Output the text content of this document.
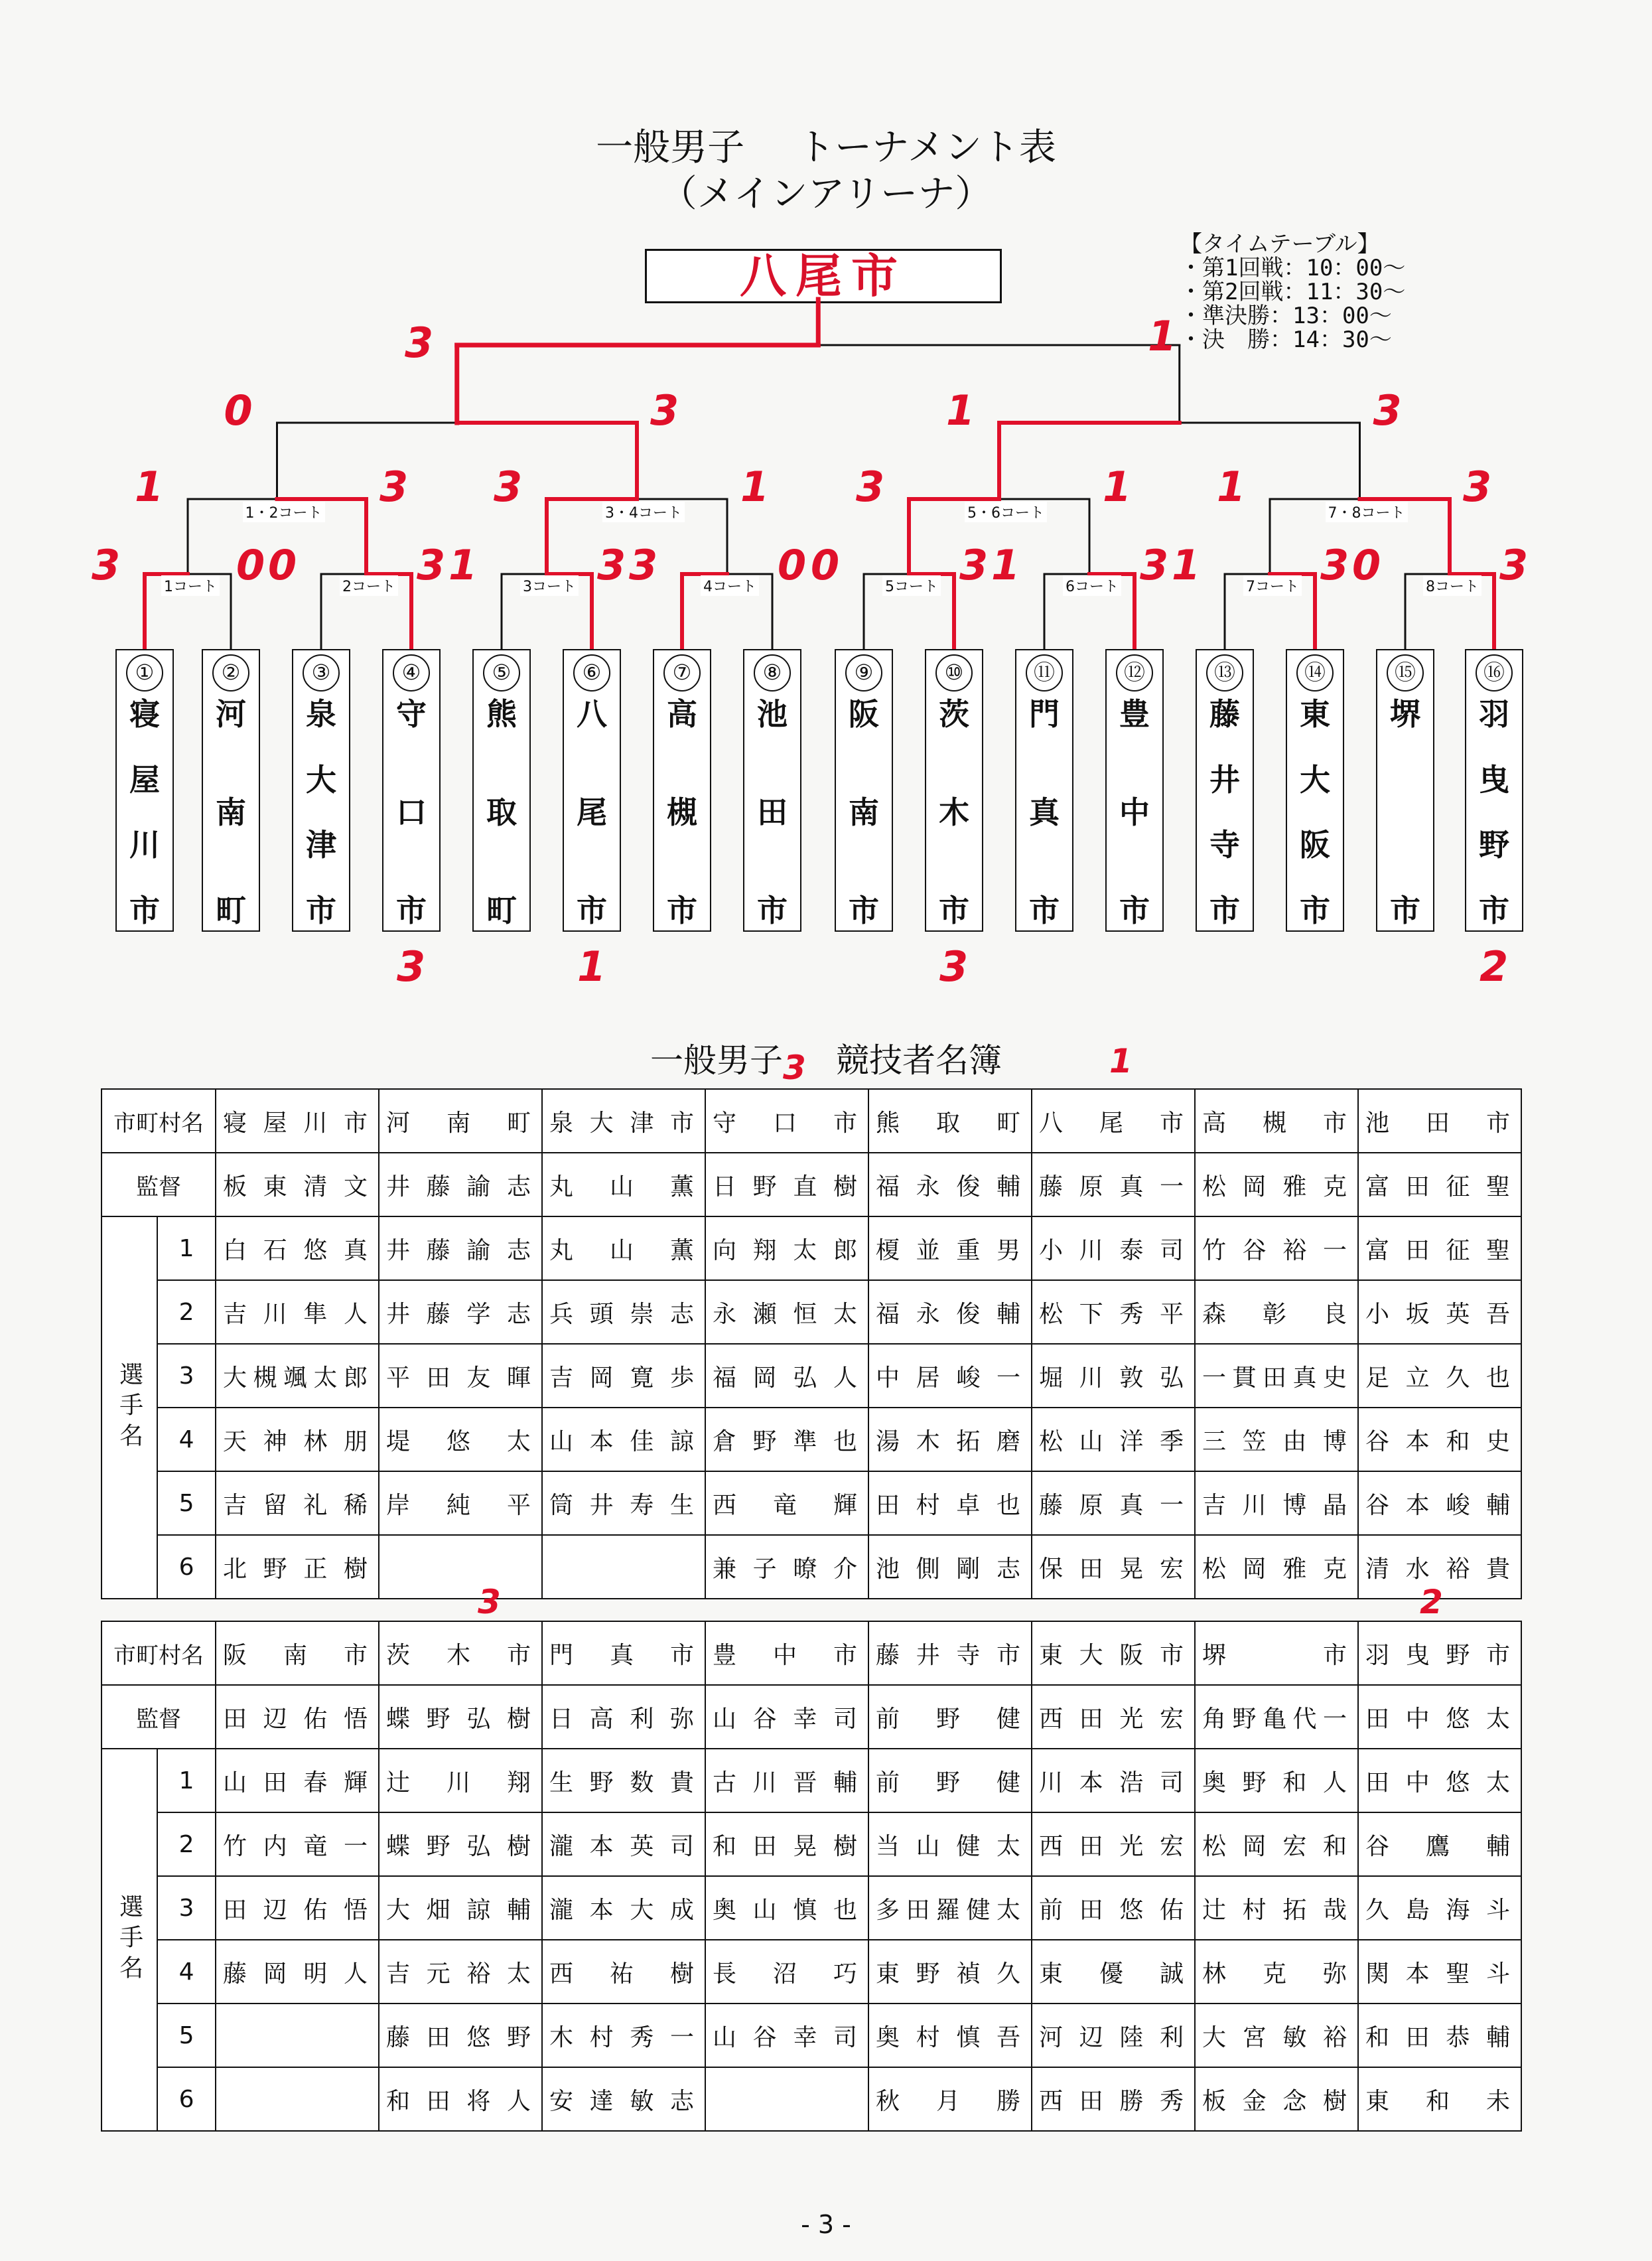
一般男子 トーナメント表
（メインアリーナ）
八尾市
【タイムテーブル】
・第1回戦：10：00〜
・第2回戦：11：30〜
・準決勝：13：00〜
・決　勝：14：30〜
①
寝
屋
川
市
②
河
南
町
③
泉
大
津
市
④
守
口
市
⑤
熊
取
町
⑥
八
尾
市
⑦
高
槻
市
⑧
池
田
市
⑨
阪
南
市
⑩
茨
木
市
⑪
門
真
市
⑫
豊
中
市
⑬
藤
井
寺
市
⑭
東
大
阪
市
⑮
堺
市
⑯
羽
曳
野
市
1コート	2コート	3コート	4コート	5コート	6コート	7コート	8コート
1・2コート	3・4コート	5・6コート	7・8コート
3	0 0	3 1	3 3	0 0	3 1	3 1	3 0	3
1	3 3	1 3	1 1	3
0	3	1	3
3	1
3	1	3	2
一般男子 競技者名簿
市町村名		寝屋川市	河南町	泉大津市	守口市	熊取町	八尾市	高槻市	池田市
監督		板東清文	井藤諭志	丸山薫	日野直樹	福永俊輔	藤原真一	松岡雅克	富田征聖
選手名	1	白石悠真	井藤諭志	丸山薫	向翔太郎	榎並重男	小川泰司	竹谷裕一	富田征聖
	2	吉川隼人	井藤学志	兵頭崇志	永瀬恒太	福永俊輔	松下秀平	森彰良	小坂英吾
	3	大槻颯太郎	平田友暉	吉岡寛歩	福岡弘人	中居峻一	堀川敦弘	一貫田真史	足立久也
	4	天神林朋	堤悠太	山本佳諒	倉野準也	湯木拓磨	松山洋季	三笠由博	谷本和史
	5	吉留礼稀	岸純平	筒井寿生	西竜輝	田村卓也	藤原真一	吉川博晶	谷本峻輔
	6	北野正樹			兼子暸介	池側剛志	保田晃宏	松岡雅克	清水裕貴
市町村名		阪南市	茨木市	門真市	豊中市	藤井寺市	東大阪市	堺市	羽曳野市
監督		田辺佑悟	蝶野弘樹	日高利弥	山谷幸司	前野健	西田光宏	角野亀代一	田中悠太
選手名	1	山田春輝	辻川翔	生野数貴	古川晋輔	前野健	川本浩司	奥野和人	田中悠太
	2	竹内竜一	蝶野弘樹	瀧本英司	和田晃樹	当山健太	西田光宏	松岡宏和	谷鷹輔
	3	田辺佑悟	大畑諒輔	瀧本大成	奥山慎也	多田羅健太	前田悠佑	辻村拓哉	久島海斗
	4	藤岡明人	吉元裕太	西祐樹	長沼巧	東野禎久	東優誠	林克弥	関本聖斗
	5		藤田悠野	木村秀一	山谷幸司	奥村慎吾	河辺陸利	大宮敏裕	和田恭輔
	6		和田将人	安達敏志		秋月勝	西田勝秀	板金念樹	東和未
3	1
3	2
- 3 -
